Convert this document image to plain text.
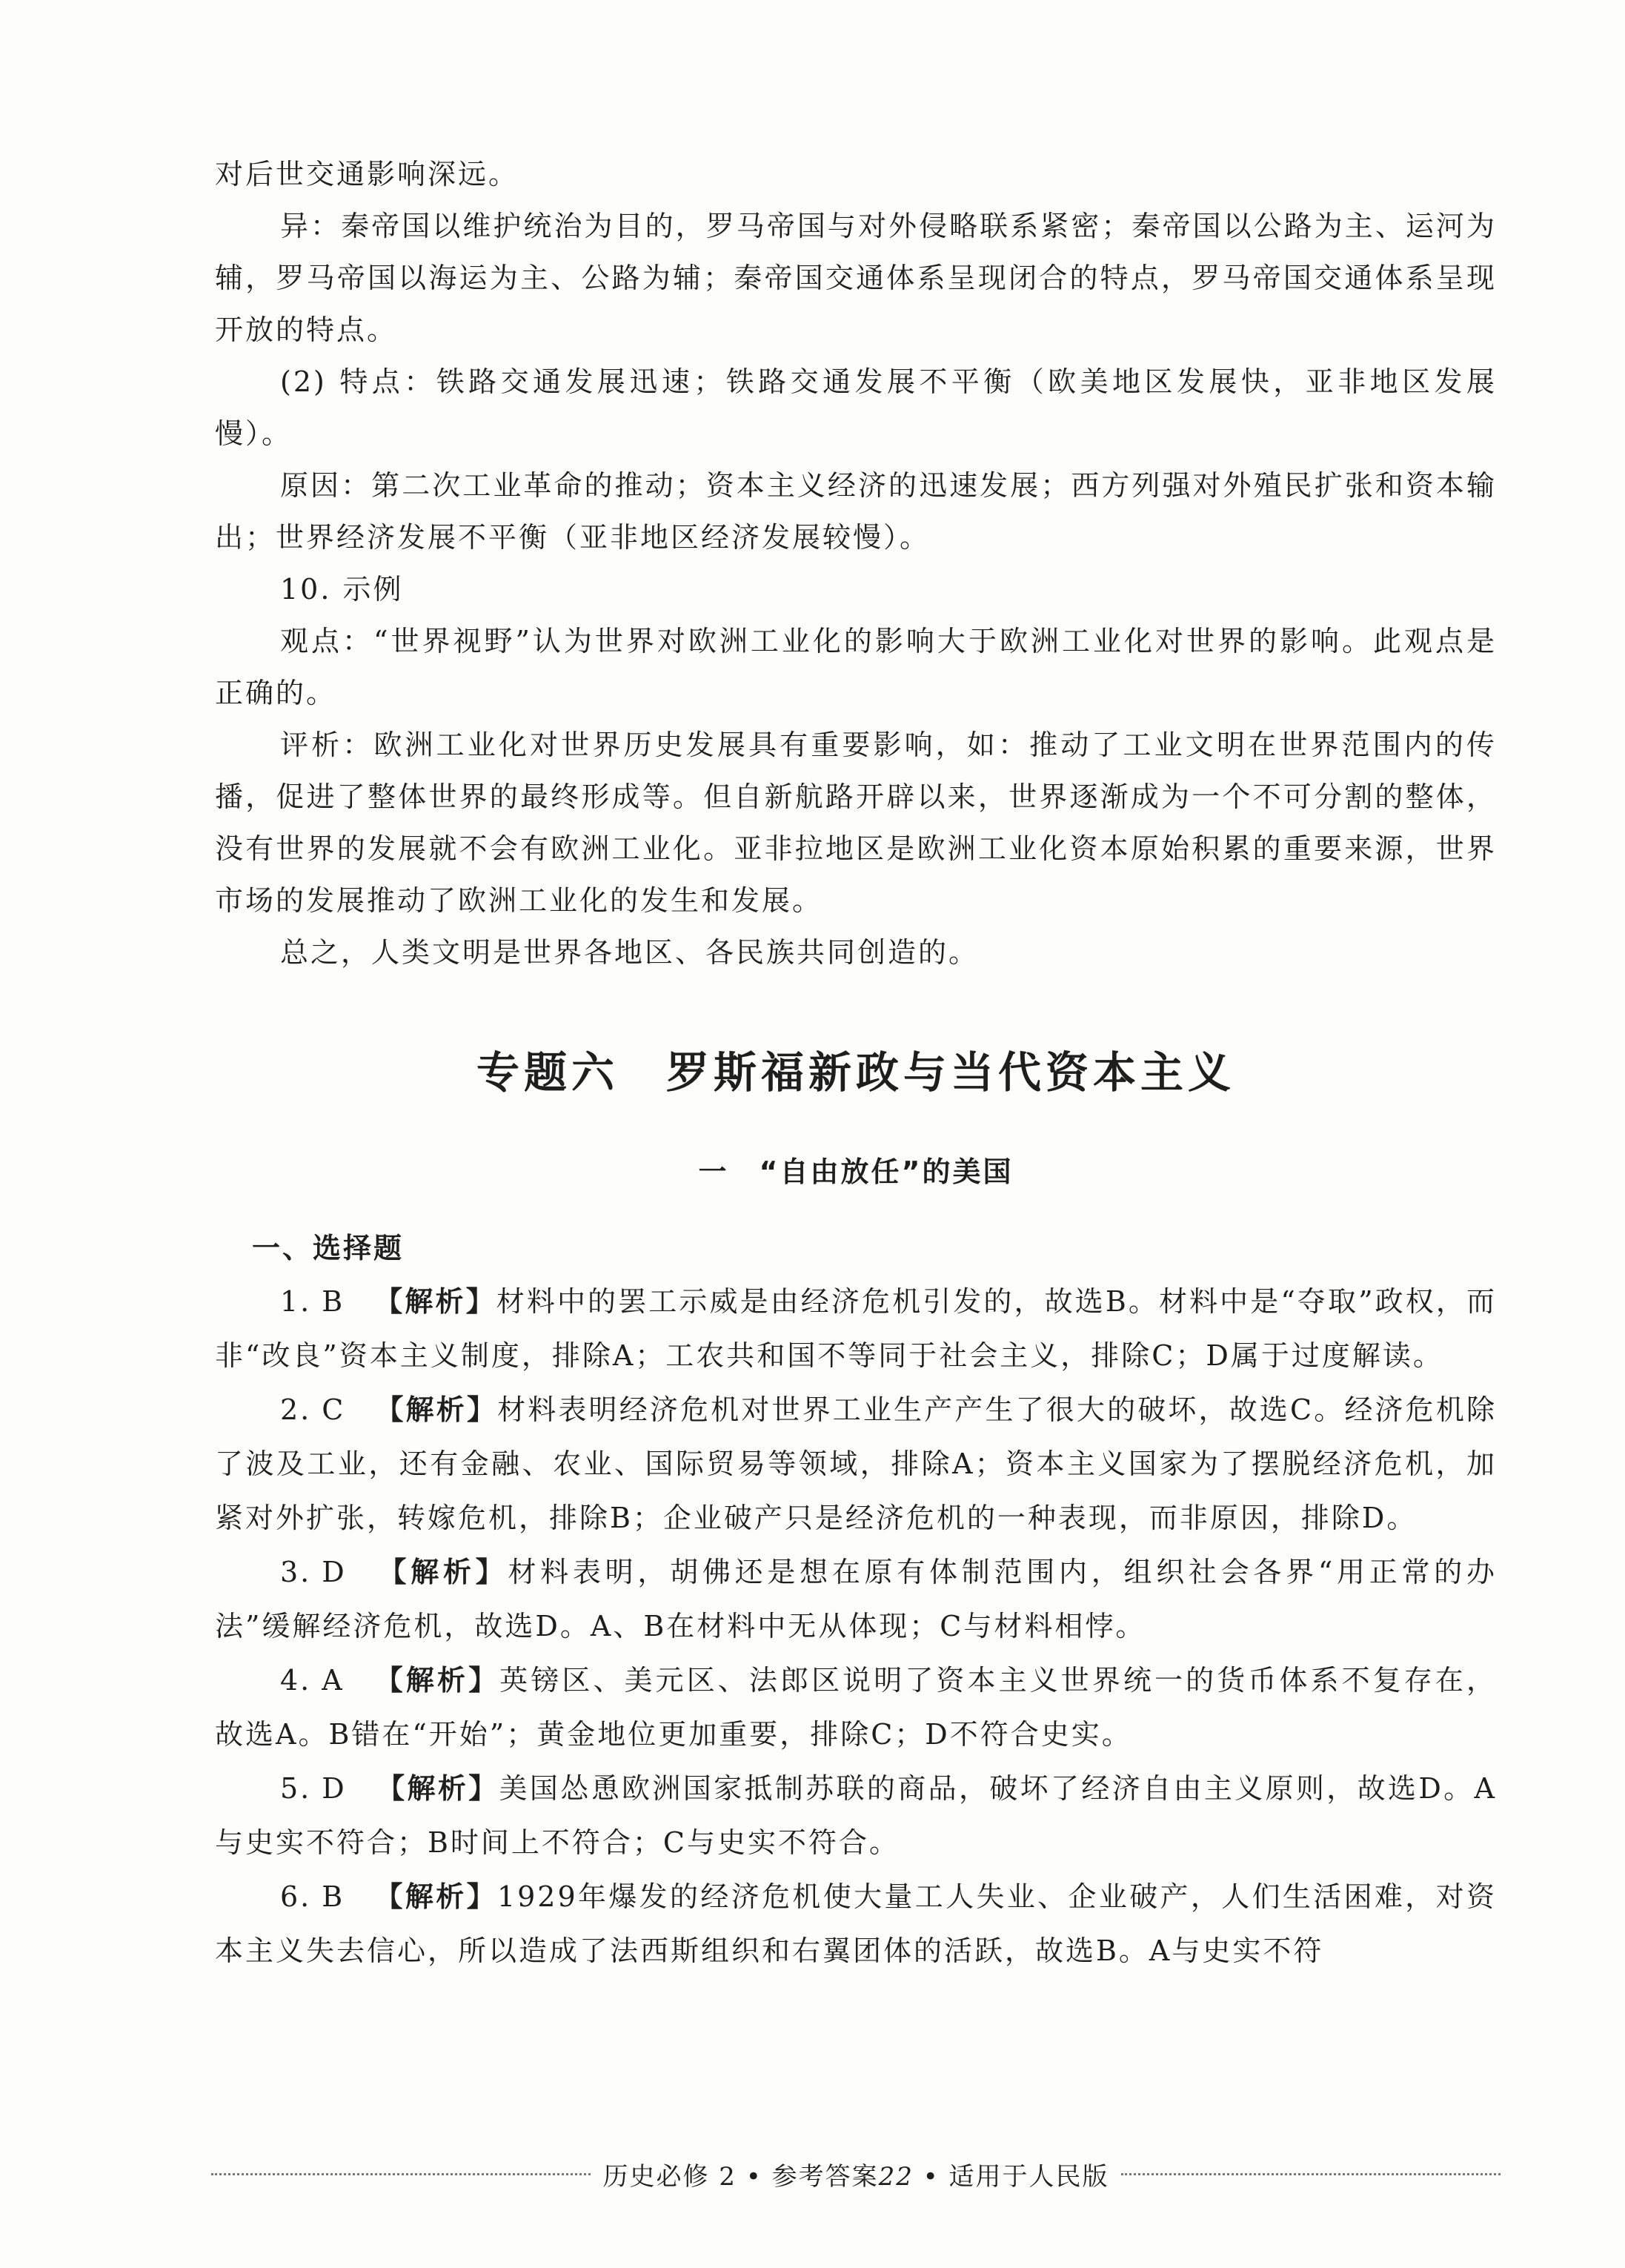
对后世交通影响深远。

异：秦帝国以维护统治为目的，罗马帝国与对外侵略联系紧密；秦帝国以公路为主、运河为辅，罗马帝国以海运为主、公路为辅；秦帝国交通体系呈现闭合的特点，罗马帝国交通体系呈现开放的特点。

(2) 特点：铁路交通发展迅速；铁路交通发展不平衡（欧美地区发展快，亚非地区发展慢）。

原因：第二次工业革命的推动；资本主义经济的迅速发展；西方列强对外殖民扩张和资本输出；世界经济发展不平衡（亚非地区经济发展较慢）。

10. 示例

观点：“世界视野”认为世界对欧洲工业化的影响大于欧洲工业化对世界的影响。此观点是正确的。

评析：欧洲工业化对世界历史发展具有重要影响，如：推动了工业文明在世界范围内的传播，促进了整体世界的最终形成等。但自新航路开辟以来，世界逐渐成为一个不可分割的整体，没有世界的发展就不会有欧洲工业化。亚非拉地区是欧洲工业化资本原始积累的重要来源，世界市场的发展推动了欧洲工业化的发生和发展。

总之，人类文明是世界各地区、各民族共同创造的。

专题六　罗斯福新政与当代资本主义
一　“自由放任”的美国
一、选择题

1. B 【解析】材料中的罢工示威是由经济危机引发的，故选B。材料中是“夺取”政权，而非“改良”资本主义制度，排除A；工农共和国不等同于社会主义，排除C；D属于过度解读。

2. C 【解析】材料表明经济危机对世界工业生产产生了很大的破坏，故选C。经济危机除了波及工业，还有金融、农业、国际贸易等领域，排除A；资本主义国家为了摆脱经济危机，加紧对外扩张，转嫁危机，排除B；企业破产只是经济危机的一种表现，而非原因，排除D。

3. D 【解析】材料表明，胡佛还是想在原有体制范围内，组织社会各界“用正常的办法”缓解经济危机，故选D。A、B在材料中无从体现；C与材料相悖。

4. A 【解析】英镑区、美元区、法郎区说明了资本主义世界统一的货币体系不复存在，故选A。B错在“开始”；黄金地位更加重要，排除C；D不符合史实。

5. D 【解析】美国怂恿欧洲国家抵制苏联的商品，破坏了经济自由主义原则，故选D。A与史实不符合；B时间上不符合；C与史实不符合。

6. B 【解析】1929年爆发的经济危机使大量工人失业、企业破产，人们生活困难，对资本主义失去信心，所以造成了法西斯组织和右翼团体的活跃，故选B。A与史实不符

历史必修 2 • 参考答案22 • 适用于人民版
